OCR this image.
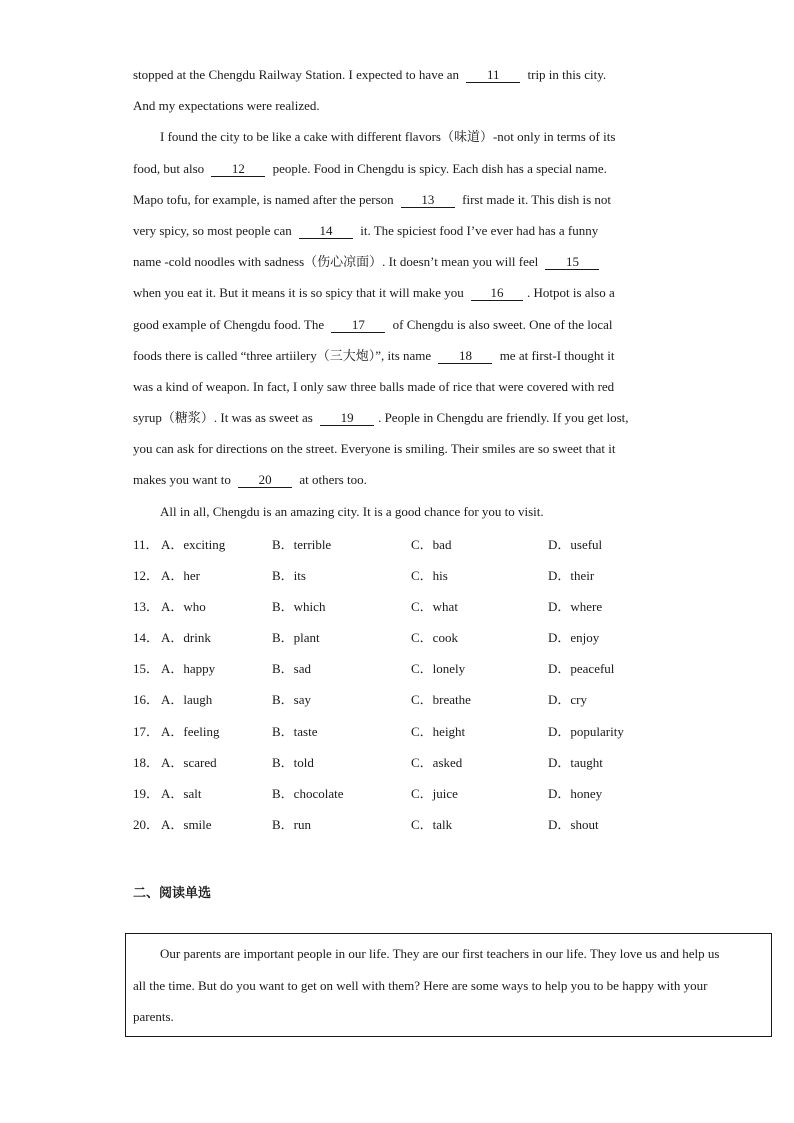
stopped at the Chengdu Railway Station. I expected to have an 11 trip in this city.
And my expectations were realized.
I found the city to be like a cake with different flavors（味道）-not only in terms of its
food, but also 12 people. Food in Chengdu is spicy. Each dish has a special name.
Mapo tofu, for example, is named after the person 13 first made it. This dish is not
very spicy, so most people can 14 it. The spiciest food I’ve ever had has a funny
name -cold noodles with sadness（伤心凉面）. It doesn’t mean you will feel 15
when you eat it. But it means it is so spicy that it will make you 16 . Hotpot is also a
good example of Chengdu food. The 17 of Chengdu is also sweet. One of the local
foods there is called “three artiilery（三大炮）”, its name 18 me at first-I thought it
was a kind of weapon. In fact, I only saw three balls made of rice that were covered with red
syrup（糖浆）. It was as sweet as 19 . People in Chengdu are friendly. If you get lost,
you can ask for directions on the street. Everyone is smiling. Their smiles are so sweet that it
makes you want to 20 at others too.
All in all, Chengdu is an amazing city. It is a good chance for you to visit.
11． A．exciting	B．terrible	C．bad	D．useful
12． A．her	B．its	C．his	D．their
13． A．who	B．which	C．what	D．where
14． A．drink	B．plant	C．cook	D．enjoy
15． A．happy	B．sad	C．lonely	D．peaceful
16． A．laugh	B．say	C．breathe	D．cry
17． A．feeling	B．taste	C．height	D．popularity
18． A．scared	B．told	C．asked	D．taught
19． A．salt	B．chocolate	C．juice	D．honey
20． A．smile	B．run	C．talk	D．shout
二、阅读单选
Our parents are important people in our life. They are our first teachers in our life. They love us and help us
all the time. But do you want to get on well with them? Here are some ways to help you to be happy with your
parents.
